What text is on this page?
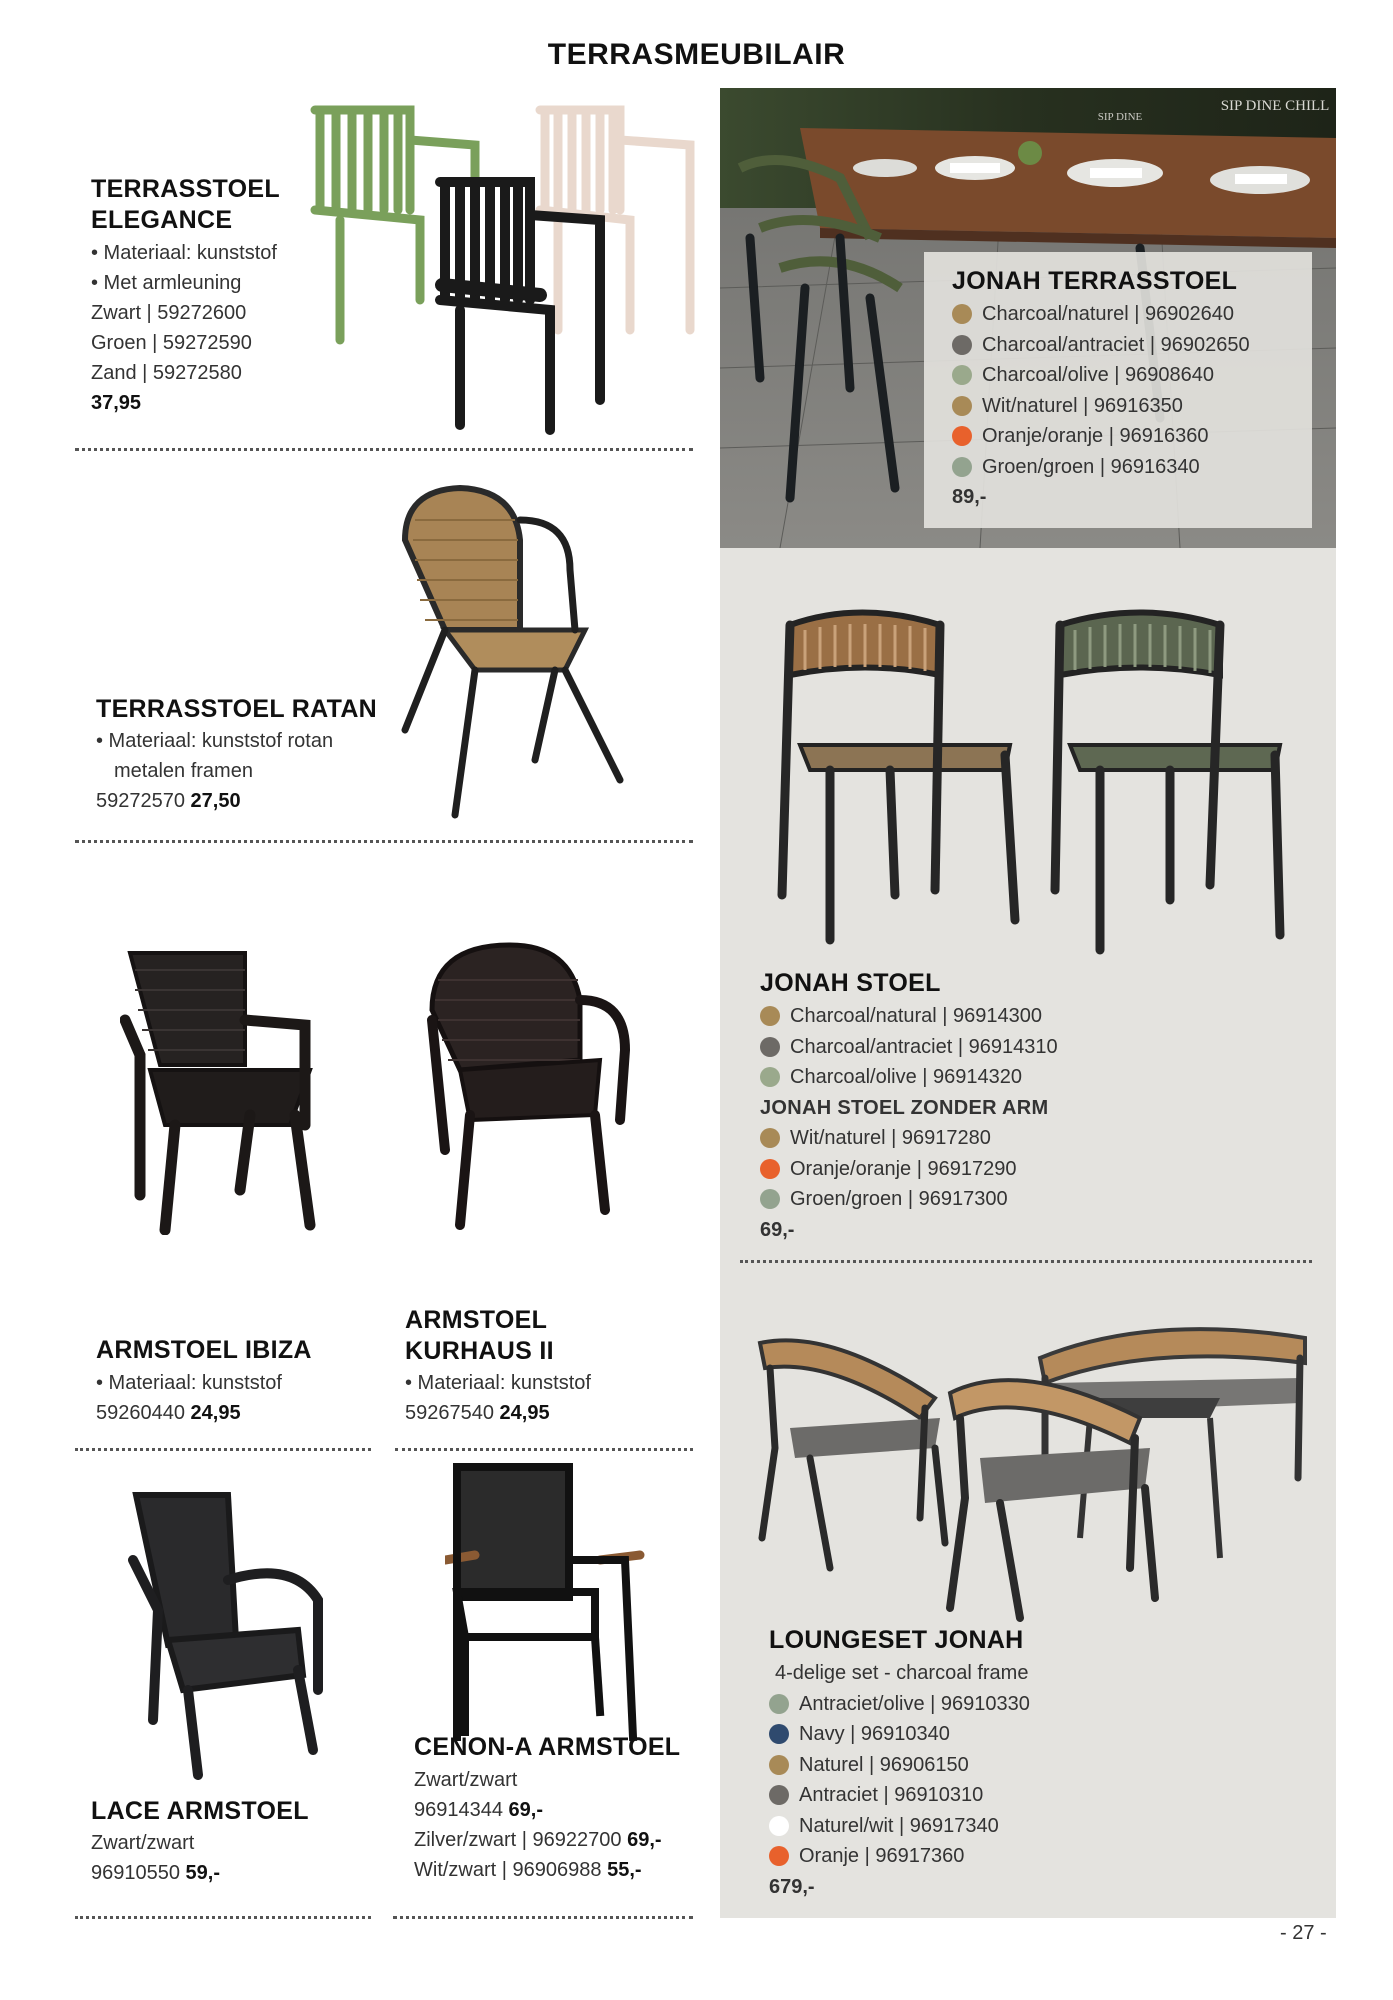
TERRASMEUBILAIR
TERRASSTOEL
ELEGANCE
• Materiaal: kunststof
• Met armleuning
Zwart | 59272600
Groen | 59272590
Zand | 59272580
37,95
TERRASSTOEL RATAN
• Materiaal: kunststof rotan
metalen framen
59272570 27,50
ARMSTOEL IBIZA
• Materiaal: kunststof
59260440 24,95
ARMSTOEL
KURHAUS II
• Materiaal: kunststof
59267540 24,95
LACE ARMSTOEL
Zwart/zwart
96910550 59,-
CENON-A ARMSTOEL
Zwart/zwart
96914344 69,-
Zilver/zwart | 96922700 69,-
Wit/zwart | 96906988 55,-
SIP DINE CHILL
SIP DINE
JONAH TERRASSTOEL
Charcoal/naturel | 96902640
Charcoal/antraciet | 96902650
Charcoal/olive | 96908640
Wit/naturel | 96916350
Oranje/oranje | 96916360
Groen/groen | 96916340
89,-
JONAH STOEL
Charcoal/natural | 96914300
Charcoal/antraciet | 96914310
Charcoal/olive | 96914320
JONAH STOEL ZONDER ARM
Wit/naturel | 96917280
Oranje/oranje | 96917290
Groen/groen | 96917300
69,-
LOUNGESET JONAH
4-delige set - charcoal frame
Antraciet/olive | 96910330
Navy | 96910340
Naturel | 96906150
Antraciet | 96910310
Naturel/wit | 96917340
Oranje | 96917360
679,-
- 27 -
